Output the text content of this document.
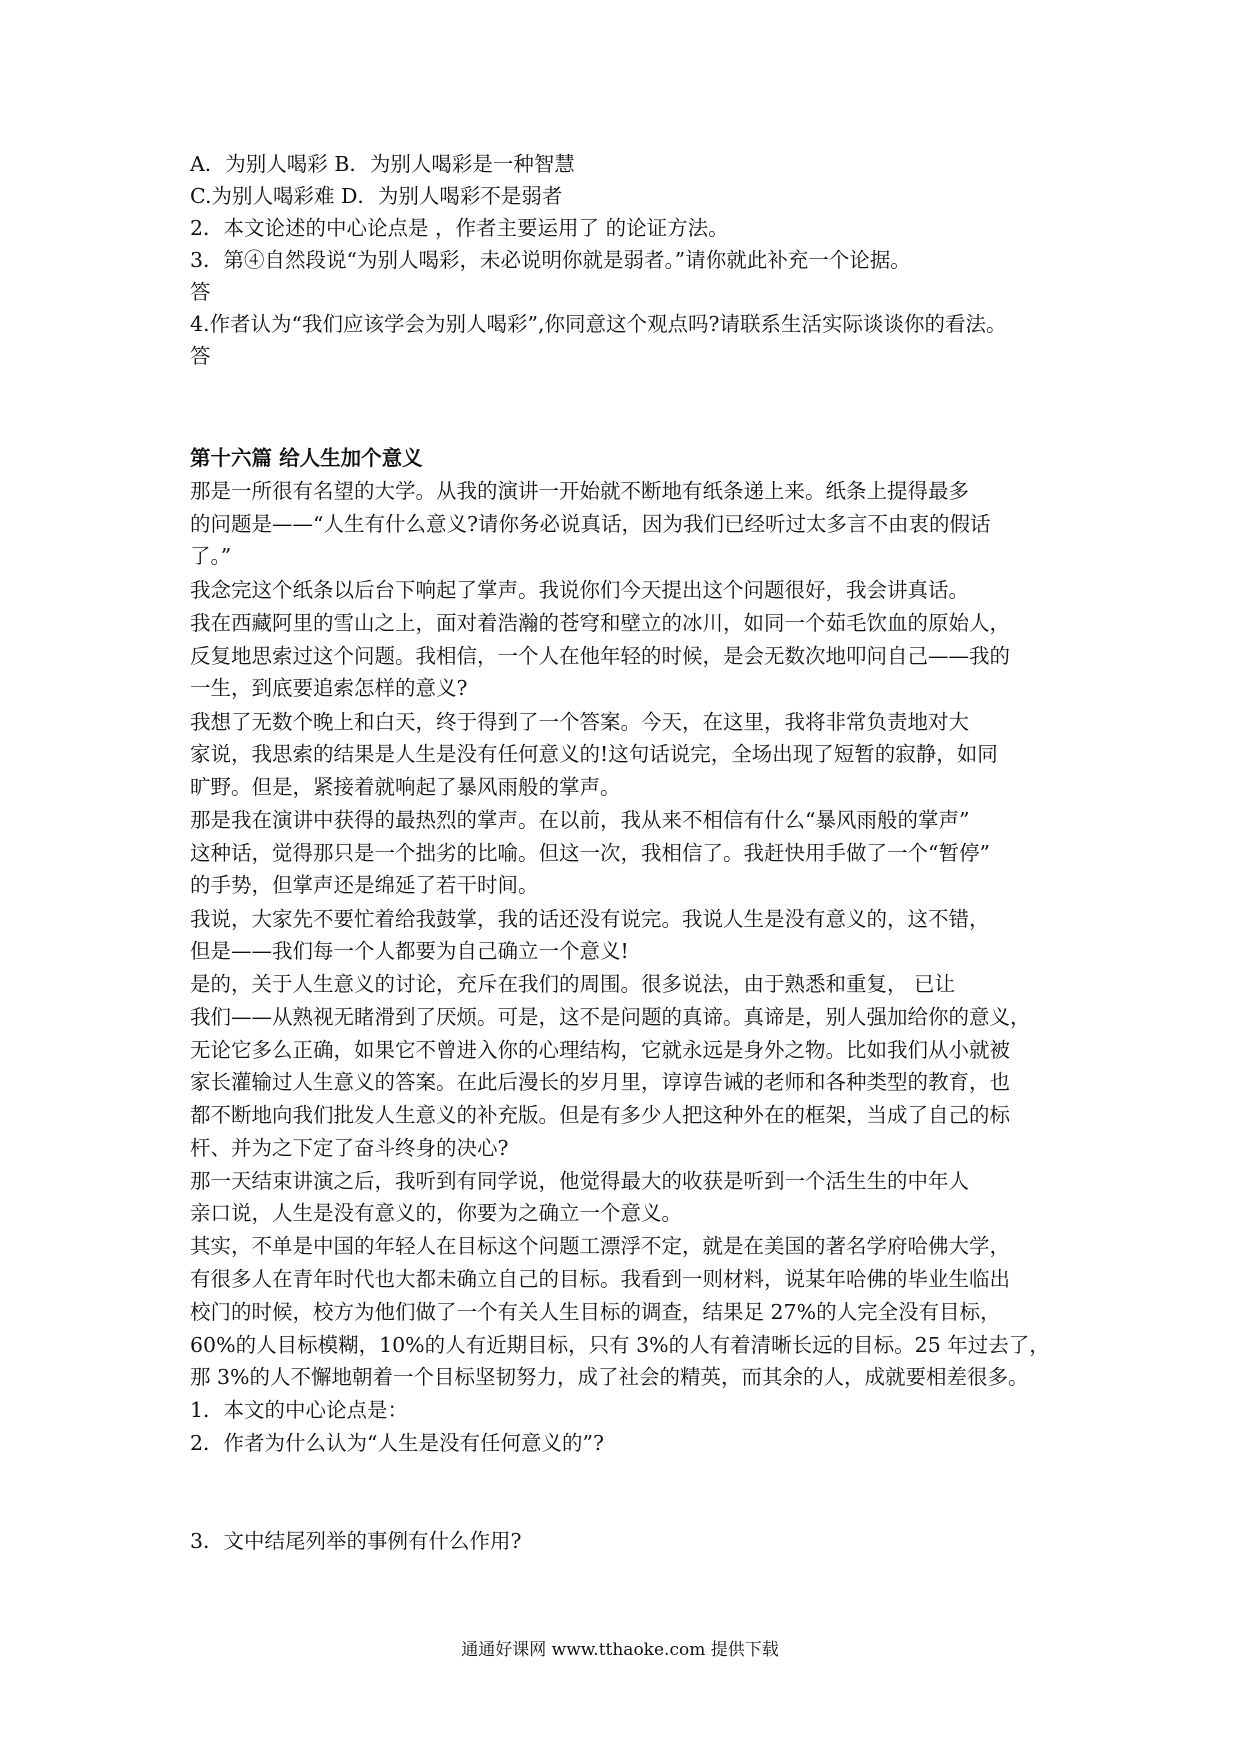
A．为别人喝彩 B．为别人喝彩是一种智慧
C.为别人喝彩难 D．为别人喝彩不是弱者
2．本文论述的中心论点是 ，作者主要运用了 的论证方法。
3．第④自然段说“为别人喝彩，未必说明你就是弱者。”请你就此补充一个论据。
答
4.作者认为“我们应该学会为别人喝彩”,你同意这个观点吗?请联系生活实际谈谈你的看法。
答
第十六篇 给人生加个意义
那是一所很有名望的大学。从我的演讲一开始就不断地有纸条递上来。纸条上提得最多
的问题是——“人生有什么意义?请你务必说真话，因为我们已经听过太多言不由衷的假话
了。”
我念完这个纸条以后台下响起了掌声。我说你们今天提出这个问题很好，我会讲真话。
我在西藏阿里的雪山之上，面对着浩瀚的苍穹和壁立的冰川，如同一个茹毛饮血的原始人，
反复地思索过这个问题。我相信，一个人在他年轻的时候，是会无数次地叩问自己——我的
一生，到底要追索怎样的意义?
我想了无数个晚上和白天，终于得到了一个答案。今天，在这里，我将非常负责地对大
家说，我思索的结果是人生是没有任何意义的!这句话说完，全场出现了短暂的寂静，如同
旷野。但是，紧接着就响起了暴风雨般的掌声。
那是我在演讲中获得的最热烈的掌声。在以前，我从来不相信有什么“暴风雨般的掌声”
这种话，觉得那只是一个拙劣的比喻。但这一次，我相信了。我赶快用手做了一个“暂停”
的手势，但掌声还是绵延了若干时间。
我说，大家先不要忙着给我鼓掌，我的话还没有说完。我说人生是没有意义的，这不错，
但是——我们每一个人都要为自己确立一个意义!
是的，关于人生意义的讨论，充斥在我们的周围。很多说法，由于熟悉和重复， 已让
我们——从熟视无睹滑到了厌烦。可是，这不是问题的真谛。真谛是，别人强加给你的意义，
无论它多么正确，如果它不曾进入你的心理结构，它就永远是身外之物。比如我们从小就被
家长灌输过人生意义的答案。在此后漫长的岁月里，谆谆告诫的老师和各种类型的教育，也
都不断地向我们批发人生意义的补充版。但是有多少人把这种外在的框架，当成了自己的标
杆、并为之下定了奋斗终身的决心?
那一天结束讲演之后，我听到有同学说，他觉得最大的收获是听到一个活生生的中年人
亲口说，人生是没有意义的，你要为之确立一个意义。
其实，不单是中国的年轻人在目标这个问题工漂浮不定，就是在美国的著名学府哈佛大学，
有很多人在青年时代也大都未确立自己的目标。我看到一则材料，说某年哈佛的毕业生临出
校门的时候，校方为他们做了一个有关人生目标的调查，结果足 27%的人完全没有目标，
60%的人目标模糊，10%的人有近期目标，只有 3%的人有着清晰长远的目标。25 年过去了，
那 3%的人不懈地朝着一个目标坚韧努力，成了社会的精英，而其余的人，成就要相差很多。
1．本文的中心论点是：
2．作者为什么认为“人生是没有任何意义的”?
3．文中结尾列举的事例有什么作用?
通通好课网 www.tthaoke.com 提供下载
